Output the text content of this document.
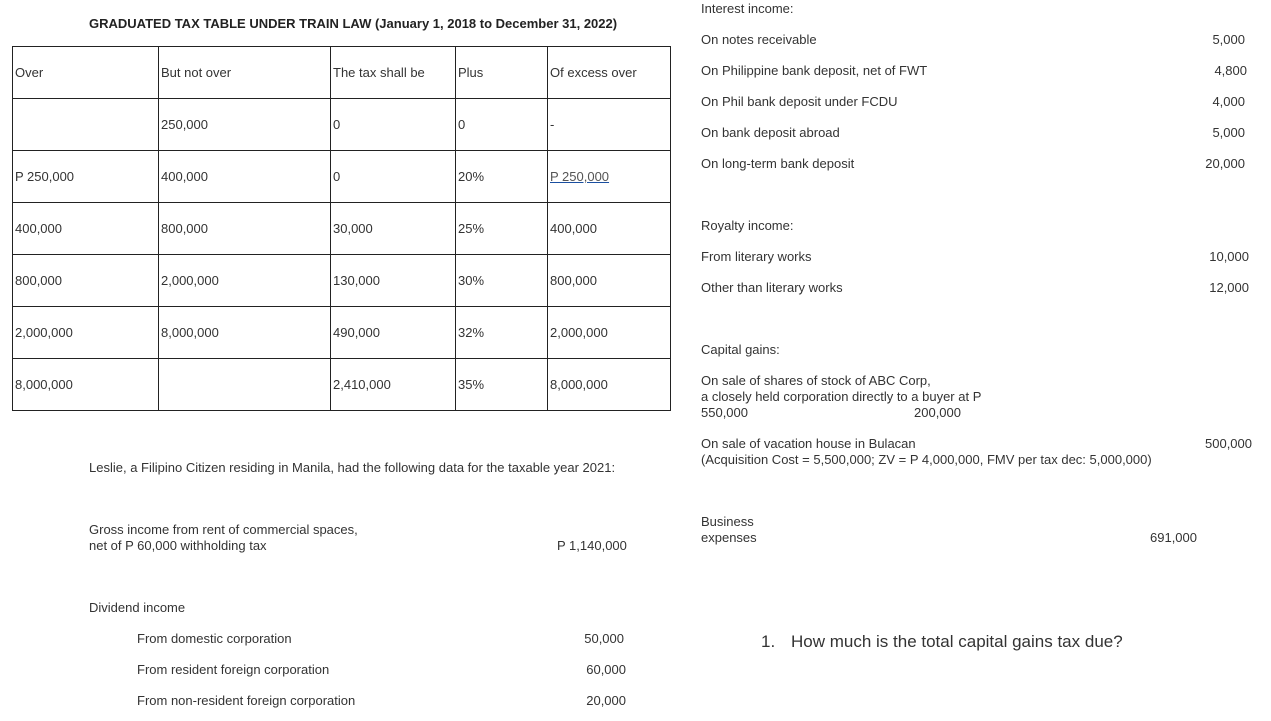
GRADUATED TAX TABLE UNDER TRAIN LAW (January 1, 2018 to December 31, 2022)
Over	But not over	The tax shall be	Plus	Of excess over
	250,000	0	0	-
P 250,000	400,000	0	20%	P 250,000
400,000	800,000	30,000	25%	400,000
800,000	2,000,000	130,000	30%	800,000
2,000,000	8,000,000	490,000	32%	2,000,000
8,000,000		2,410,000	35%	8,000,000
Leslie, a Filipino Citizen residing in Manila, had the following data for the taxable year 2021:
Gross income from rent of commercial spaces,
net of P 60,000 withholding tax	P 1,140,000
Dividend income
From domestic corporation	50,000
From resident foreign corporation	60,000
From non-resident foreign corporation	20,000
Interest income:
On notes receivable	5,000
On Philippine bank deposit, net of FWT	4,800
On Phil bank deposit under FCDU	4,000
On bank deposit abroad	5,000
On long-term bank deposit	20,000
Royalty income:
From literary works	10,000
Other than literary works	12,000
Capital gains:
On sale of shares of stock of ABC Corp,
a closely held corporation directly to a buyer at P
550,000	200,000
On sale of vacation house in Bulacan
(Acquisition Cost = 5,500,000; ZV = P 4,000,000, FMV per tax dec: 5,000,000)
500,000
Business
expenses	691,000
1. How much is the total capital gains tax due?
